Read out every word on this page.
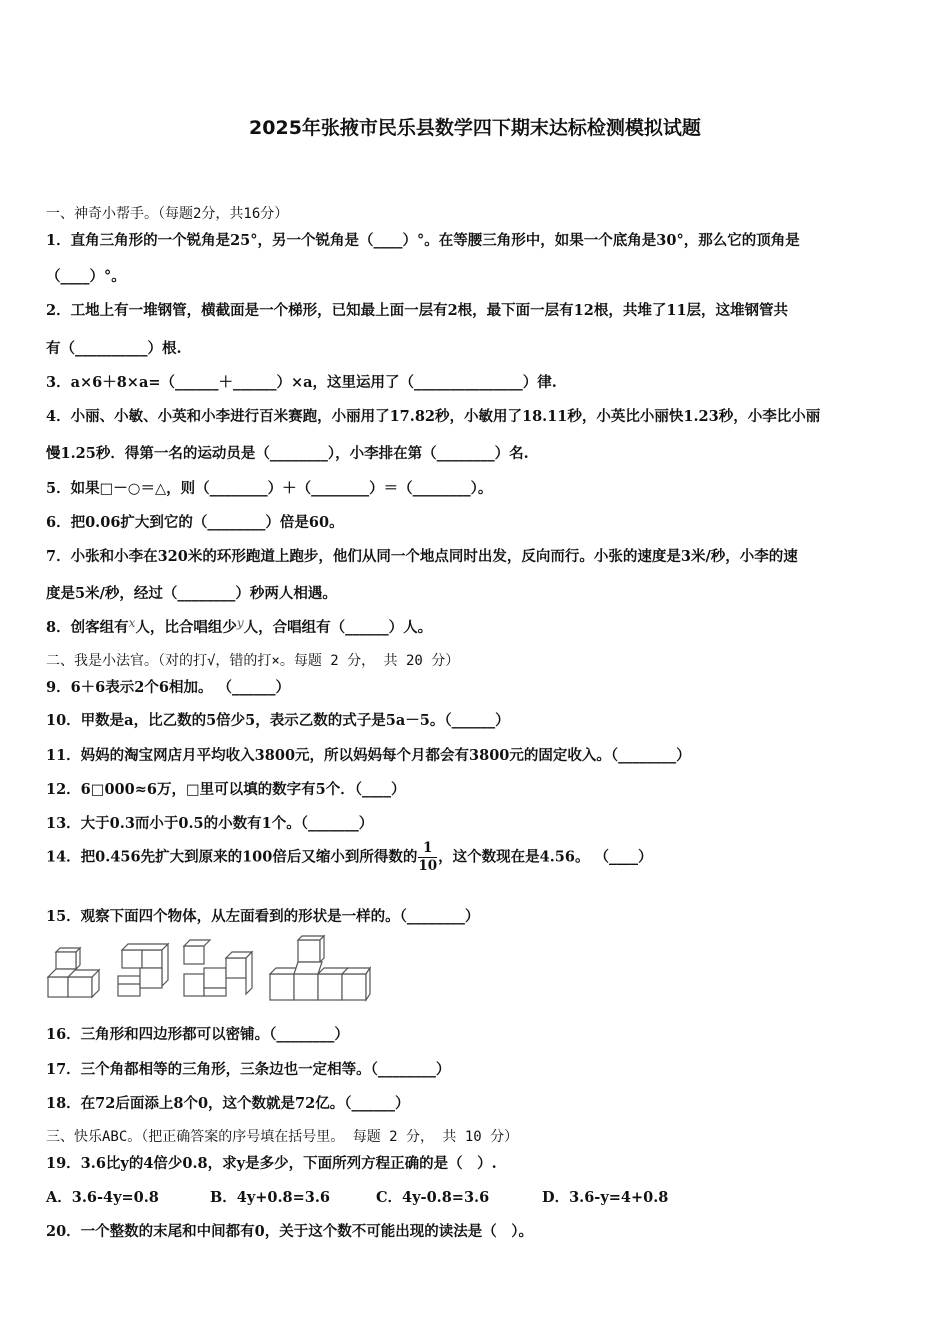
2025年张掖市民乐县数学四下期末达标检测模拟试题
一、神奇小帮手。（每题2分，共16分）
1．直角三角形的一个锐角是25°，另一个锐角是（____）°。在等腰三角形中，如果一个底角是30°，那么它的顶角是
（____）°。
2．工地上有一堆钢管，横截面是一个梯形，已知最上面一层有2根，最下面一层有12根，共堆了11层，这堆钢管共
有（__________）根.
3．a×6＋8×a=（______＋______）×a，这里运用了（_______________）律.
4．小丽、小敏、小英和小李进行百米赛跑，小丽用了17.82秒，小敏用了18.11秒，小英比小丽快1.23秒，小李比小丽
慢1.25秒．得第一名的运动员是（________），小李排在第（________）名.
5．如果□－○＝△，则（________）＋（________）＝（________）。
6．把0.06扩大到它的（________）倍是60。
7．小张和小李在320米的环形跑道上跑步，他们从同一个地点同时出发，反向而行。小张的速度是3米/秒，小李的速
度是5米/秒，经过（________）秒两人相遇。
8．创客组有$^x$人，比合唱组少$^y$人，合唱组有（______）人。
二、我是小法官。（对的打√，错的打×。每题 2 分， 共 20 分）
9．6＋6表示2个6相加。 （______）
10．甲数是a，比乙数的5倍少5，表示乙数的式子是5a－5。（______）
11．妈妈的淘宝网店月平均收入3800元，所以妈妈每个月都会有3800元的固定收入。（________）
12．6□000≈6万，□里可以填的数字有5个．（____）
13．大于0.3而小于0.5的小数有1个。（_______）
14．把0.456先扩大到原来的100倍后又缩小到所得数的 $\frac{1}{10}$ ，这个数现在是4.56。 （____）
15．观察下面四个物体，从左面看到的形状是一样的。（________）
16．三角形和四边形都可以密铺。（________）
17．三个角都相等的三角形，三条边也一定相等。（________）
18．在72后面添上8个0，这个数就是72亿。（______）
三、快乐ABC。（把正确答案的序号填在括号里。 每题 2 分， 共 10 分）
19．3.6比y的4倍少0.8，求y是多少，下面所列方程正确的是（　）.
A．3.6-4y=0.8	B．4y+0.8=3.6	C．4y-0.8=3.6	D．3.6-y=4+0.8
20．一个整数的末尾和中间都有0，关于这个数不可能出现的读法是（　）。
